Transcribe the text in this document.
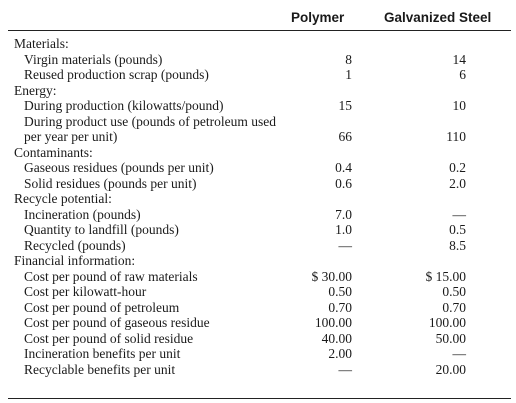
Polymer	Galvanized Steel
Materials:
Virgin materials (pounds)	8	14
Reused production scrap (pounds)	1	6
Energy:
During production (kilowatts/pound)	15	10
During product use (pounds of petroleum used
per year per unit)	66	110
Contaminants:
Gaseous residues (pounds per unit)	0.4	0.2
Solid residues (pounds per unit)	0.6	2.0
Recycle potential:
Incineration (pounds)	7.0	—
Quantity to landfill (pounds)	1.0	0.5
Recycled (pounds)	—	8.5
Financial information:
Cost per pound of raw materials	$ 30.00	$ 15.00
Cost per kilowatt-hour	0.50	0.50
Cost per pound of petroleum	0.70	0.70
Cost per pound of gaseous residue	100.00	100.00
Cost per pound of solid residue	40.00	50.00
Incineration benefits per unit	2.00	—
Recyclable benefits per unit	—	20.00
